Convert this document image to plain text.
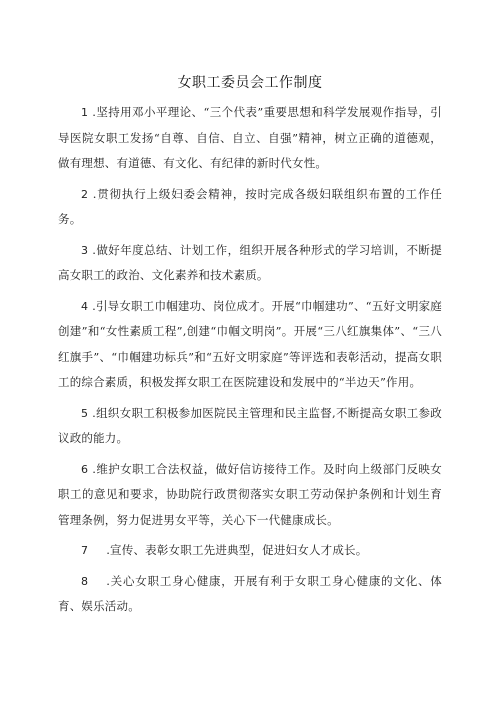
女职工委员会工作制度

1 .坚持用邓小平理论、“三个代表”重要思想和科学发展观作指导，引导医院女职工发扬“自尊、自信、自立、自强”精神，树立正确的道德观，做有理想、有道德、有文化、有纪律的新时代女性。

2 .贯彻执行上级妇委会精神，按时完成各级妇联组织布置的工作任务。

3 .做好年度总结、计划工作，组织开展各种形式的学习培训，不断提高女职工的政治、文化素养和技术素质。

4 .引导女职工巾帼建功、岗位成才。开展“巾帼建功”、“五好文明家庭创建”和“女性素质工程”,创建“巾帼文明岗”。开展“三八红旗集体”、“三八红旗手”、“巾帼建功标兵”和“五好文明家庭”等评选和表彰活动，提高女职工的综合素质，积极发挥女职工在医院建设和发展中的“半边天”作用。

5 .组织女职工积极参加医院民主管理和民主监督,不断提高女职工参政议政的能力。

6 .维护女职工合法权益，做好信访接待工作。及时向上级部门反映女职工的意见和要求，协助院行政贯彻落实女职工劳动保护条例和计划生育管理条例，努力促进男女平等，关心下一代健康成长。

7 .宣传、表彰女职工先进典型，促进妇女人才成长。

8 .关心女职工身心健康，开展有利于女职工身心健康的文化、体育、娱乐活动。
